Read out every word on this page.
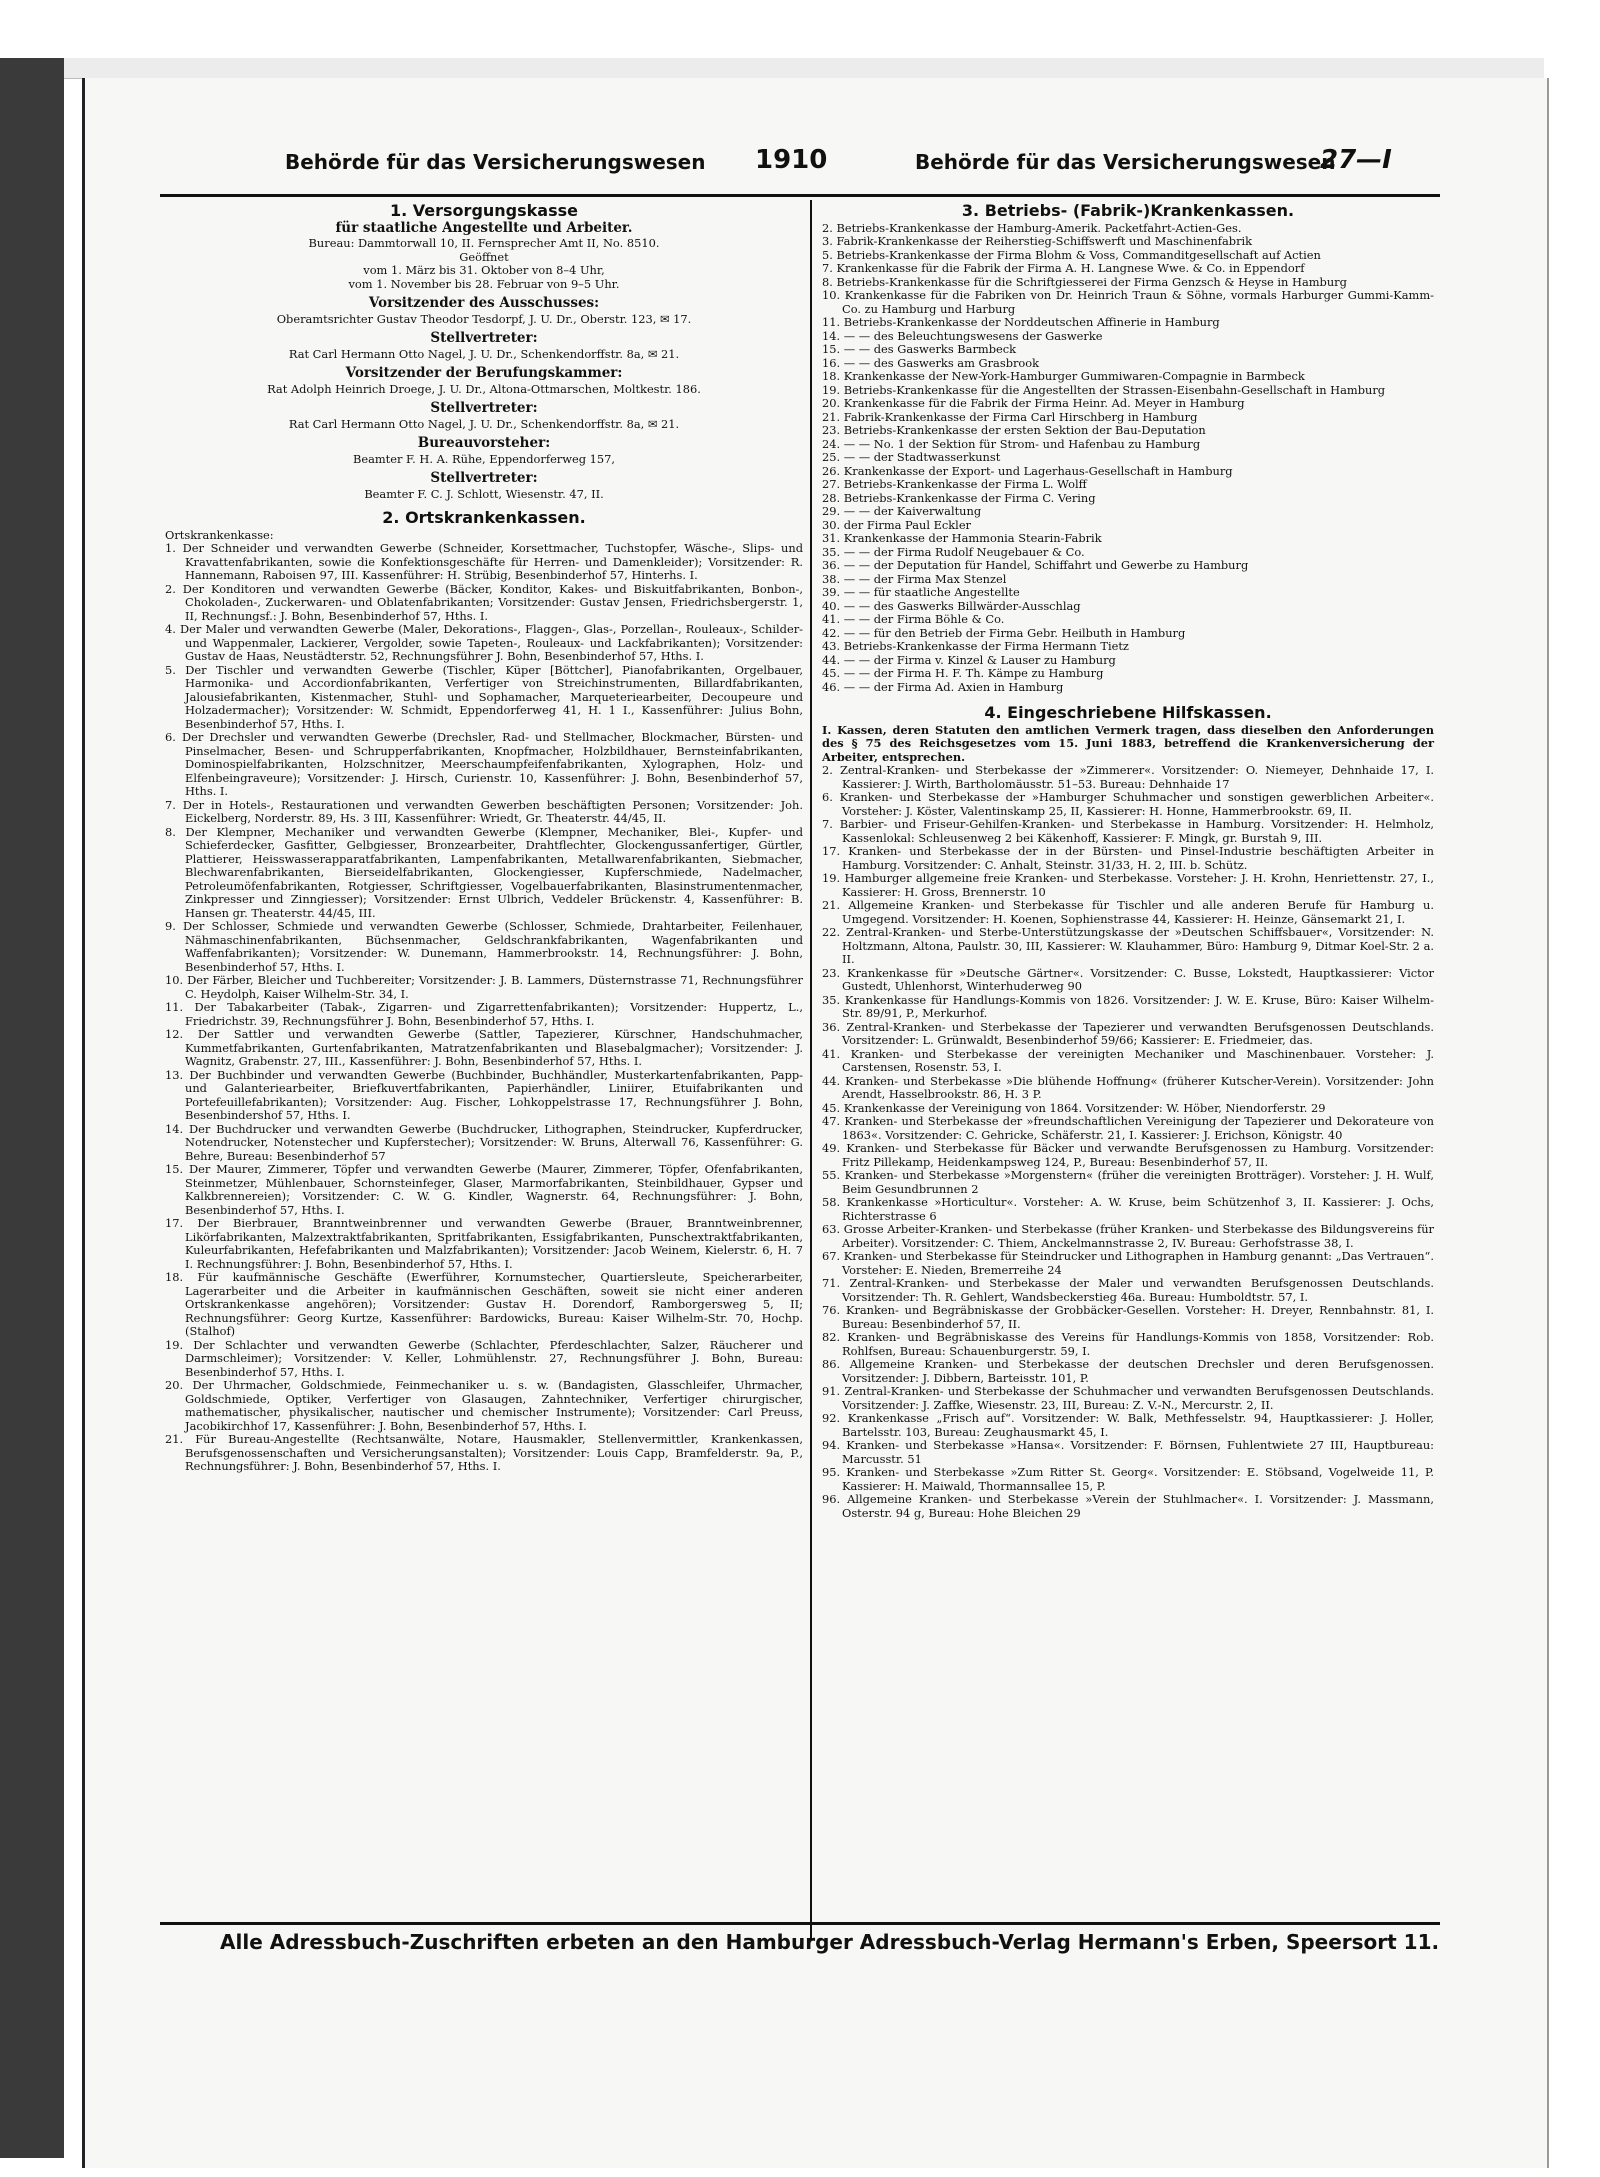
Behörde für das Versicherungswesen 1910	Behörde für das Versicherungswesen
27—I
1. Versorgungskasse
für staatliche Angestellte und Arbeiter.
Bureau: Dammtorwall 10, II. Fernsprecher Amt II, No. 8510.
Geöffnet
vom 1. März bis 31. Oktober von 8–4 Uhr,
vom 1. November bis 28. Februar von 9–5 Uhr.
Vorsitzender des Ausschusses:
Oberamtsrichter Gustav Theodor Tesdorpf, J. U. Dr., Oberstr. 123, ✉ 17.
Stellvertreter:
Rat Carl Hermann Otto Nagel, J. U. Dr., Schenkendorffstr. 8a, ✉ 21.
Vorsitzender der Berufungskammer:
Rat Adolph Heinrich Droege, J. U. Dr., Altona-Ottmarschen, Moltkestr. 186.
Stellvertreter:
Rat Carl Hermann Otto Nagel, J. U. Dr., Schenkendorffstr. 8a, ✉ 21.
Bureauvorsteher:
Beamter F. H. A. Rühe, Eppendorferweg 157,
Stellvertreter:
Beamter F. C. J. Schlott, Wiesenstr. 47, II.
2. Ortskrankenkassen.
Ortskrankenkasse:
1. Der Schneider und verwandten Gewerbe (Schneider, Korsettmacher, Tuchstopfer, Wäsche-, Slips- und Kravattenfabrikanten, sowie die Konfektionsgeschäfte für Herren- und Damenkleider); Vorsitzender: R. Hannemann, Raboisen 97, III. Kassenführer: H. Strübig, Besenbinderhof 57, Hinterhs. I.
2. Der Konditoren und verwandten Gewerbe (Bäcker, Konditor, Kakes- und Biskuitfabrikanten, Bonbon-, Chokoladen-, Zuckerwaren- und Oblatenfabrikanten; Vorsitzender: Gustav Jensen, Friedrichsbergerstr. 1, II, Rechnungsf.: J. Bohn, Besenbinderhof 57, Hths. I.
4. Der Maler und verwandten Gewerbe (Maler, Dekorations-, Flaggen-, Glas-, Porzellan-, Rouleaux-, Schilder- und Wappenmaler, Lackierer, Vergolder, sowie Tapeten-, Rouleaux- und Lackfabrikanten); Vorsitzender: Gustav de Haas, Neustädterstr. 52, Rechnungsführer J. Bohn, Besenbinderhof 57, Hths. I.
5. Der Tischler und verwandten Gewerbe (Tischler, Küper [Böttcher], Pianofabrikanten, Orgelbauer, Harmonika- und Accordionfabrikanten, Verfertiger von Streichinstrumenten, Billardfabrikanten, Jalousiefabrikanten, Kistenmacher, Stuhl- und Sophamacher, Marqueteriearbeiter, Decoupeure und Holzadermacher); Vorsitzender: W. Schmidt, Eppendorferweg 41, H. 1 I., Kassenführer: Julius Bohn, Besenbinderhof 57, Hths. I.
6. Der Drechsler und verwandten Gewerbe (Drechsler, Rad- und Stellmacher, Blockmacher, Bürsten- und Pinselmacher, Besen- und Schrupperfabrikanten, Knopfmacher, Holzbildhauer, Bernsteinfabrikanten, Dominospielfabrikanten, Holzschnitzer, Meerschaumpfeifenfabrikanten, Xylographen, Holz- und Elfenbeingraveure); Vorsitzender: J. Hirsch, Curienstr. 10, Kassenführer: J. Bohn, Besenbinderhof 57, Hths. I.
7. Der in Hotels-, Restaurationen und verwandten Gewerben beschäftigten Personen; Vorsitzender: Joh. Eickelberg, Norderstr. 89, Hs. 3 III, Kassenführer: Wriedt, Gr. Theaterstr. 44/45, II.
8. Der Klempner, Mechaniker und verwandten Gewerbe (Klempner, Mechaniker, Blei-, Kupfer- und Schieferdecker, Gasfitter, Gelbgiesser, Bronzearbeiter, Drahtflechter, Glockengussanfertiger, Gürtler, Plattierer, Heisswasserapparatfabrikanten, Lampenfabrikanten, Metallwarenfabrikanten, Siebmacher, Blechwarenfabrikanten, Bierseidelfabrikanten, Glockengiesser, Kupferschmiede, Nadelmacher, Petroleumöfenfabrikanten, Rotgiesser, Schriftgiesser, Vogelbauerfabrikanten, Blasinstrumentenmacher, Zinkpresser und Zinngiesser); Vorsitzender: Ernst Ulbrich, Veddeler Brückenstr. 4, Kassenführer: B. Hansen gr. Theaterstr. 44/45, III.
9. Der Schlosser, Schmiede und verwandten Gewerbe (Schlosser, Schmiede, Drahtarbeiter, Feilenhauer, Nähmaschinenfabrikanten, Büchsenmacher, Geldschrankfabrikanten, Wagenfabrikanten und Waffenfabrikanten); Vorsitzender: W. Dunemann, Hammerbrookstr. 14, Rechnungsführer: J. Bohn, Besenbinderhof 57, Hths. I.
10. Der Färber, Bleicher und Tuchbereiter; Vorsitzender: J. B. Lammers, Düsternstrasse 71, Rechnungsführer C. Heydolph, Kaiser Wilhelm-Str. 34, I.
11. Der Tabakarbeiter (Tabak-, Zigarren- und Zigarrettenfabrikanten); Vorsitzender: Huppertz, L., Friedrichstr. 39, Rechnungsführer J. Bohn, Besenbinderhof 57, Hths. I.
12. Der Sattler und verwandten Gewerbe (Sattler, Tapezierer, Kürschner, Handschuhmacher, Kummetfabrikanten, Gurtenfabrikanten, Matratzenfabrikanten und Blasebalgmacher); Vorsitzender: J. Wagnitz, Grabenstr. 27, III., Kassenführer: J. Bohn, Besenbinderhof 57, Hths. I.
13. Der Buchbinder und verwandten Gewerbe (Buchbinder, Buchhändler, Musterkartenfabrikanten, Papp- und Galanteriearbeiter, Briefkuvertfabrikanten, Papierhändler, Liniirer, Etuifabrikanten und Portefeuillefabrikanten); Vorsitzender: Aug. Fischer, Lohkoppelstrasse 17, Rechnungsführer J. Bohn, Besenbindershof 57, Hths. I.
14. Der Buchdrucker und verwandten Gewerbe (Buchdrucker, Lithographen, Steindrucker, Kupferdrucker, Notendrucker, Notenstecher und Kupferstecher); Vorsitzender: W. Bruns, Alterwall 76, Kassenführer: G. Behre, Bureau: Besenbinderhof 57
15. Der Maurer, Zimmerer, Töpfer und verwandten Gewerbe (Maurer, Zimmerer, Töpfer, Ofenfabrikanten, Steinmetzer, Mühlenbauer, Schornsteinfeger, Glaser, Marmorfabrikanten, Steinbildhauer, Gypser und Kalkbrennereien); Vorsitzender: C. W. G. Kindler, Wagnerstr. 64, Rechnungsführer: J. Bohn, Besenbinderhof 57, Hths. I.
17. Der Bierbrauer, Branntweinbrenner und verwandten Gewerbe (Brauer, Branntweinbrenner, Likörfabrikanten, Malzextraktfabrikanten, Spritfabrikanten, Essigfabrikanten, Punschextraktfabrikanten, Kuleurfabrikanten, Hefefabrikanten und Malzfabrikanten); Vorsitzender: Jacob Weinem, Kielerstr. 6, H. 7 I. Rechnungsführer: J. Bohn, Besenbinderhof 57, Hths. I.
18. Für kaufmännische Geschäfte (Ewerführer, Kornumstecher, Quartiersleute, Speicherarbeiter, Lagerarbeiter und die Arbeiter in kaufmännischen Geschäften, soweit sie nicht einer anderen Ortskrankenkasse angehören); Vorsitzender: Gustav H. Dorendorf, Ramborgersweg 5, II; Rechnungsführer: Georg Kurtze, Kassenführer: Bardowicks, Bureau: Kaiser Wilhelm-Str. 70, Hochp. (Stalhof)
19. Der Schlachter und verwandten Gewerbe (Schlachter, Pferdeschlachter, Salzer, Räucherer und Darmschleimer); Vorsitzender: V. Keller, Lohmühlenstr. 27, Rechnungsführer J. Bohn, Bureau: Besenbinderhof 57, Hths. I.
20. Der Uhrmacher, Goldschmiede, Feinmechaniker u. s. w. (Bandagisten, Glasschleifer, Uhrmacher, Goldschmiede, Optiker, Verfertiger von Glasaugen, Zahntechniker, Verfertiger chirurgischer, mathematischer, physikalischer, nautischer und chemischer Instrumente); Vorsitzender: Carl Preuss, Jacobikirchhof 17, Kassenführer: J. Bohn, Besenbinderhof 57, Hths. I.
21. Für Bureau-Angestellte (Rechtsanwälte, Notare, Hausmakler, Stellenvermittler, Krankenkassen, Berufsgenossenschaften und Versicherungsanstalten); Vorsitzender: Louis Capp, Bramfelderstr. 9a, P., Rechnungsführer: J. Bohn, Besenbinderhof 57, Hths. I.
3. Betriebs- (Fabrik-)Krankenkassen.
2. Betriebs-Krankenkasse der Hamburg-Amerik. Packetfahrt-Actien-Ges.
3. Fabrik-Krankenkasse der Reiherstieg-Schiffswerft und Maschinenfabrik
5. Betriebs-Krankenkasse der Firma Blohm & Voss, Commanditgesellschaft auf Actien
7. Krankenkasse für die Fabrik der Firma A. H. Langnese Wwe. & Co. in Eppendorf
8. Betriebs-Krankenkasse für die Schriftgiesserei der Firma Genzsch & Heyse in Hamburg
10. Krankenkasse für die Fabriken von Dr. Heinrich Traun & Söhne, vormals Harburger Gummi-Kamm-Co. zu Hamburg und Harburg
11. Betriebs-Krankenkasse der Norddeutschen Affinerie in Hamburg
14. — — des Beleuchtungswesens der Gaswerke
15. — — des Gaswerks Barmbeck
16. — — des Gaswerks am Grasbrook
18. Krankenkasse der New-York-Hamburger Gummiwaren-Compagnie in Barmbeck
19. Betriebs-Krankenkasse für die Angestellten der Strassen-Eisenbahn-Gesellschaft in Hamburg
20. Krankenkasse für die Fabrik der Firma Heinr. Ad. Meyer in Hamburg
21. Fabrik-Krankenkasse der Firma Carl Hirschberg in Hamburg
23. Betriebs-Krankenkasse der ersten Sektion der Bau-Deputation
24. — — No. 1 der Sektion für Strom- und Hafenbau zu Hamburg
25. — — der Stadtwasserkunst
26. Krankenkasse der Export- und Lagerhaus-Gesellschaft in Hamburg
27. Betriebs-Krankenkasse der Firma L. Wolff
28. Betriebs-Krankenkasse der Firma C. Vering
29. — — der Kaiverwaltung
30. der Firma Paul Eckler
31. Krankenkasse der Hammonia Stearin-Fabrik
35. — — der Firma Rudolf Neugebauer & Co.
36. — — der Deputation für Handel, Schiffahrt und Gewerbe zu Hamburg
38. — — der Firma Max Stenzel
39. — — für staatliche Angestellte
40. — — des Gaswerks Billwärder-Ausschlag
41. — — der Firma Böhle & Co.
42. — — für den Betrieb der Firma Gebr. Heilbuth in Hamburg
43. Betriebs-Krankenkasse der Firma Hermann Tietz
44. — — der Firma v. Kinzel & Lauser zu Hamburg
45. — — der Firma H. F. Th. Kämpe zu Hamburg
46. — — der Firma Ad. Axien in Hamburg
4. Eingeschriebene Hilfskassen.
I. Kassen, deren Statuten den amtlichen Vermerk tragen, dass dieselben den Anforderungen des § 75 des Reichsgesetzes vom 15. Juni 1883, betreffend die Krankenversicherung der Arbeiter, entsprechen.
2. Zentral-Kranken- und Sterbekasse der »Zimmerer«. Vorsitzender: O. Niemeyer, Dehnhaide 17, I. Kassierer: J. Wirth, Bartholomäusstr. 51–53. Bureau: Dehnhaide 17
6. Kranken- und Sterbekasse der »Hamburger Schuhmacher und sonstigen gewerblichen Arbeiter«. Vorsteher: J. Köster, Valentinskamp 25, II, Kassierer: H. Honne, Hammerbrookstr. 69, II.
7. Barbier- und Friseur-Gehilfen-Kranken- und Sterbekasse in Hamburg. Vorsitzender: H. Helmholz, Kassenlokal: Schleusenweg 2 bei Käkenhoff, Kassierer: F. Mingk, gr. Burstah 9, III.
17. Kranken- und Sterbekasse der in der Bürsten- und Pinsel-Industrie beschäftigten Arbeiter in Hamburg. Vorsitzender: C. Anhalt, Steinstr. 31/33, H. 2, III. b. Schütz.
19. Hamburger allgemeine freie Kranken- und Sterbekasse. Vorsteher: J. H. Krohn, Henriettenstr. 27, I., Kassierer: H. Gross, Brennerstr. 10
21. Allgemeine Kranken- und Sterbekasse für Tischler und alle anderen Berufe für Hamburg u. Umgegend. Vorsitzender: H. Koenen, Sophienstrasse 44, Kassierer: H. Heinze, Gänsemarkt 21, I.
22. Zentral-Kranken- und Sterbe-Unterstützungskasse der »Deutschen Schiffsbauer«, Vorsitzender: N. Holtzmann, Altona, Paulstr. 30, III, Kassierer: W. Klauhammer, Büro: Hamburg 9, Ditmar Koel-Str. 2 a. II.
23. Krankenkasse für »Deutsche Gärtner«. Vorsitzender: C. Busse, Lokstedt, Hauptkassierer: Victor Gustedt, Uhlenhorst, Winterhuderweg 90
35. Krankenkasse für Handlungs-Kommis von 1826. Vorsitzender: J. W. E. Kruse, Büro: Kaiser Wilhelm-Str. 89/91, P., Merkurhof.
36. Zentral-Kranken- und Sterbekasse der Tapezierer und verwandten Berufsgenossen Deutschlands. Vorsitzender: L. Grünwaldt, Besenbinderhof 59/66; Kassierer: E. Friedmeier, das.
41. Kranken- und Sterbekasse der vereinigten Mechaniker und Maschinenbauer. Vorsteher: J. Carstensen, Rosenstr. 53, I.
44. Kranken- und Sterbekasse »Die blühende Hoffnung« (früherer Kutscher-Verein). Vorsitzender: John Arendt, Hasselbrookstr. 86, H. 3 P.
45. Krankenkasse der Vereinigung von 1864. Vorsitzender: W. Höber, Niendorferstr. 29
47. Kranken- und Sterbekasse der »freundschaftlichen Vereinigung der Tapezierer und Dekorateure von 1863«. Vorsitzender: C. Gehricke, Schäferstr. 21, I. Kassierer: J. Erichson, Königstr. 40
49. Kranken- und Sterbekasse für Bäcker und verwandte Berufsgenossen zu Hamburg. Vorsitzender: Fritz Pillekamp, Heidenkampsweg 124, P., Bureau: Besenbinderhof 57, II.
55. Kranken- und Sterbekasse »Morgenstern« (früher die vereinigten Brotträger). Vorsteher: J. H. Wulf, Beim Gesundbrunnen 2
58. Krankenkasse »Horticultur«. Vorsteher: A. W. Kruse, beim Schützenhof 3, II. Kassierer: J. Ochs, Richterstrasse 6
63. Grosse Arbeiter-Kranken- und Sterbekasse (früher Kranken- und Sterbekasse des Bildungsvereins für Arbeiter). Vorsitzender: C. Thiem, Anckelmannstrasse 2, IV. Bureau: Gerhofstrasse 38, I.
67. Kranken- und Sterbekasse für Steindrucker und Lithographen in Hamburg genannt: „Das Vertrauen“. Vorsteher: E. Nieden, Bremerreihe 24
71. Zentral-Kranken- und Sterbekasse der Maler und verwandten Berufsgenossen Deutschlands. Vorsitzender: Th. R. Gehlert, Wandsbeckerstieg 46a. Bureau: Humboldtstr. 57, I.
76. Kranken- und Begräbniskasse der Grobbäcker-Gesellen. Vorsteher: H. Dreyer, Rennbahnstr. 81, I. Bureau: Besenbinderhof 57, II.
82. Kranken- und Begräbniskasse des Vereins für Handlungs-Kommis von 1858, Vorsitzender: Rob. Rohlfsen, Bureau: Schauenburgerstr. 59, I.
86. Allgemeine Kranken- und Sterbekasse der deutschen Drechsler und deren Berufsgenossen. Vorsitzender: J. Dibbern, Barteisstr. 101, P.
91. Zentral-Kranken- und Sterbekasse der Schuhmacher und verwandten Berufsgenossen Deutschlands. Vorsitzender: J. Zaffke, Wiesenstr. 23, III, Bureau: Z. V.-N., Mercurstr. 2, II.
92. Krankenkasse „Frisch auf“. Vorsitzender: W. Balk, Methfesselstr. 94, Hauptkassierer: J. Holler, Bartelsstr. 103, Bureau: Zeughausmarkt 45, I.
94. Kranken- und Sterbekasse »Hansa«. Vorsitzender: F. Börnsen, Fuhlentwiete 27 III, Hauptbureau: Marcusstr. 51
95. Kranken- und Sterbekasse »Zum Ritter St. Georg«. Vorsitzender: E. Stöbsand, Vogelweide 11, P. Kassierer: H. Maiwald, Thormannsallee 15, P.
96. Allgemeine Kranken- und Sterbekasse »Verein der Stuhlmacher«. I. Vorsitzender: J. Massmann, Osterstr. 94 g, Bureau: Hohe Bleichen 29
Alle Adressbuch-Zuschriften erbeten an den Hamburger Adressbuch-Verlag Hermann's Erben, Speersort 11.
